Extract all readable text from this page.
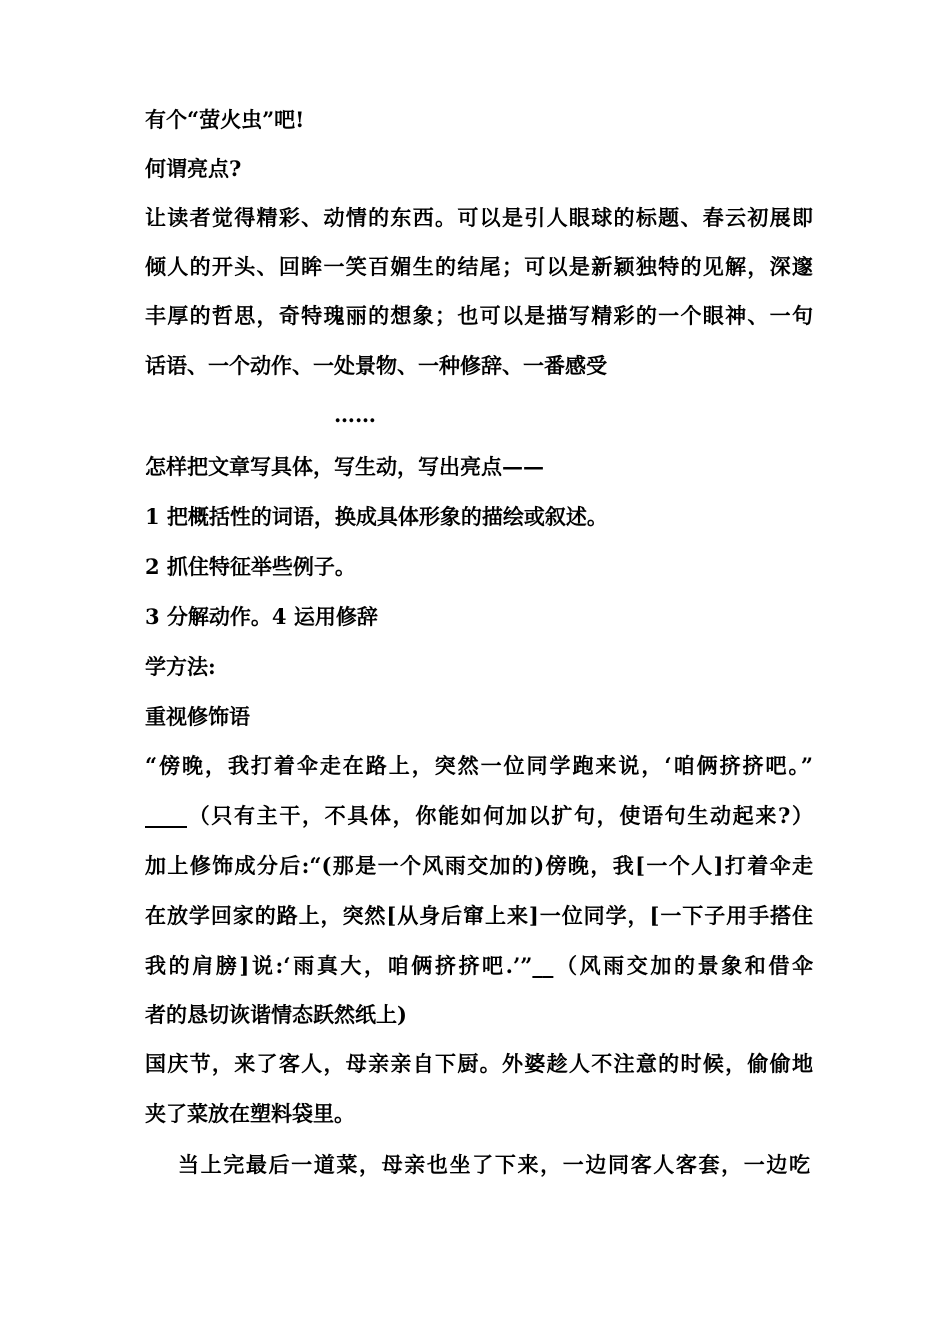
有个“萤火虫”吧!

何谓亮点?

让读者觉得精彩、动情的东西。可以是引人眼球的标题、春云初展即

倾人的开头、回眸一笑百媚生的结尾；可以是新颖独特的见解，深邃

丰厚的哲思，奇特瑰丽的想象；也可以是描写精彩的一个眼神、一句

话语、一个动作、一处景物、一种修辞、一番感受

……

怎样把文章写具体，写生动，写出亮点——

1 把概括性的词语，换成具体形象的描绘或叙述。

2 抓住特征举些例子。

3 分解动作。4 运用修辞

学方法:

重视修饰语

“傍晚，我打着伞走在路上，突然一位同学跑来说，‘咱俩挤挤吧。”

____（只有主干，不具体，你能如何加以扩句，使语句生动起来?）

加上修饰成分后:“(那是一个风雨交加的)傍晚，我[一个人]打着伞走

在放学回家的路上，突然[从身后窜上来]一位同学，[一下子用手搭住

我的肩膀]说:‘雨真大，咱俩挤挤吧.’”__（风雨交加的景象和借伞

者的恳切诙谐情态跃然纸上)

国庆节，来了客人，母亲亲自下厨。外婆趁人不注意的时候，偷偷地

夹了菜放在塑料袋里。

当上完最后一道菜，母亲也坐了下来，一边同客人客套，一边吃
